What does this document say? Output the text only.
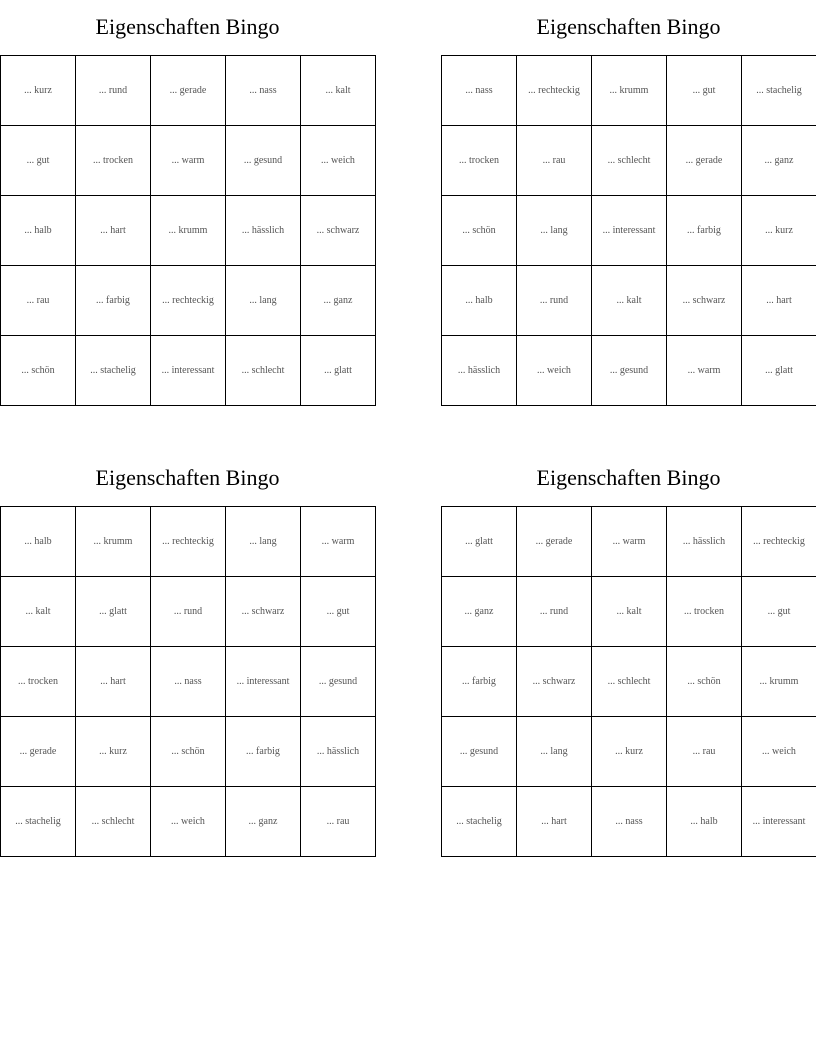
Eigenschaften Bingo
... kurz	... rund	... gerade	... nass	... kalt
... gut	... trocken	... warm	... gesund	... weich
... halb	... hart	... krumm	... hässlich	... schwarz
... rau	... farbig	... rechteckig	... lang	... ganz
... schön	... stachelig	... interessant	... schlecht	... glatt
Eigenschaften Bingo
... nass	... rechteckig	... krumm	... gut	... stachelig
... trocken	... rau	... schlecht	... gerade	... ganz
... schön	... lang	... interessant	... farbig	... kurz
... halb	... rund	... kalt	... schwarz	... hart
... hässlich	... weich	... gesund	... warm	... glatt
Eigenschaften Bingo
... halb	... krumm	... rechteckig	... lang	... warm
... kalt	... glatt	... rund	... schwarz	... gut
... trocken	... hart	... nass	... interessant	... gesund
... gerade	... kurz	... schön	... farbig	... hässlich
... stachelig	... schlecht	... weich	... ganz	... rau
Eigenschaften Bingo
... glatt	... gerade	... warm	... hässlich	... rechteckig
... ganz	... rund	... kalt	... trocken	... gut
... farbig	... schwarz	... schlecht	... schön	... krumm
... gesund	... lang	... kurz	... rau	... weich
... stachelig	... hart	... nass	... halb	... interessant
